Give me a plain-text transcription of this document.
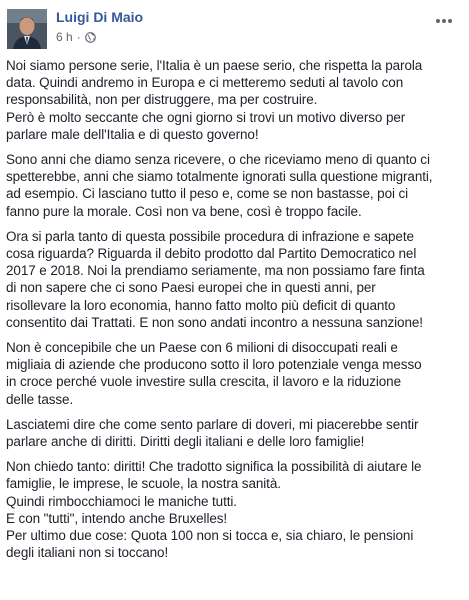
Luigi Di Maio
6 h ·
Noi siamo persone serie, l'Italia è un paese serio, che rispetta la parola
data. Quindi andremo in Europa e ci metteremo seduti al tavolo con
responsabilità, non per distruggere, ma per costruire.
Però è molto seccante che ogni giorno si trovi un motivo diverso per
parlare male dell'Italia e di questo governo!
Sono anni che diamo senza ricevere, o che riceviamo meno di quanto ci
spetterebbe, anni che siamo totalmente ignorati sulla questione migranti,
ad esempio. Ci lasciano tutto il peso e, come se non bastasse, poi ci
fanno pure la morale. Così non va bene, così è troppo facile.
Ora si parla tanto di questa possibile procedura di infrazione e sapete
cosa riguarda? Riguarda il debito prodotto dal Partito Democratico nel
2017 e 2018. Noi la prendiamo seriamente, ma non possiamo fare finta
di non sapere che ci sono Paesi europei che in questi anni, per
risollevare la loro economia, hanno fatto molto più deficit di quanto
consentito dai Trattati. E non sono andati incontro a nessuna sanzione!
Non è concepibile che un Paese con 6 milioni di disoccupati reali e
migliaia di aziende che producono sotto il loro potenziale venga messo
in croce perché vuole investire sulla crescita, il lavoro e la riduzione
delle tasse.
Lasciatemi dire che come sento parlare di doveri, mi piacerebbe sentir
parlare anche di diritti. Diritti degli italiani e delle loro famiglie!
Non chiedo tanto: diritti! Che tradotto significa la possibilità di aiutare le
famiglie, le imprese, le scuole, la nostra sanità.
Quindi rimbocchiamoci le maniche tutti.
E con "tutti", intendo anche Bruxelles!
Per ultimo due cose: Quota 100 non si tocca e, sia chiaro, le pensioni
degli italiani non si toccano!
